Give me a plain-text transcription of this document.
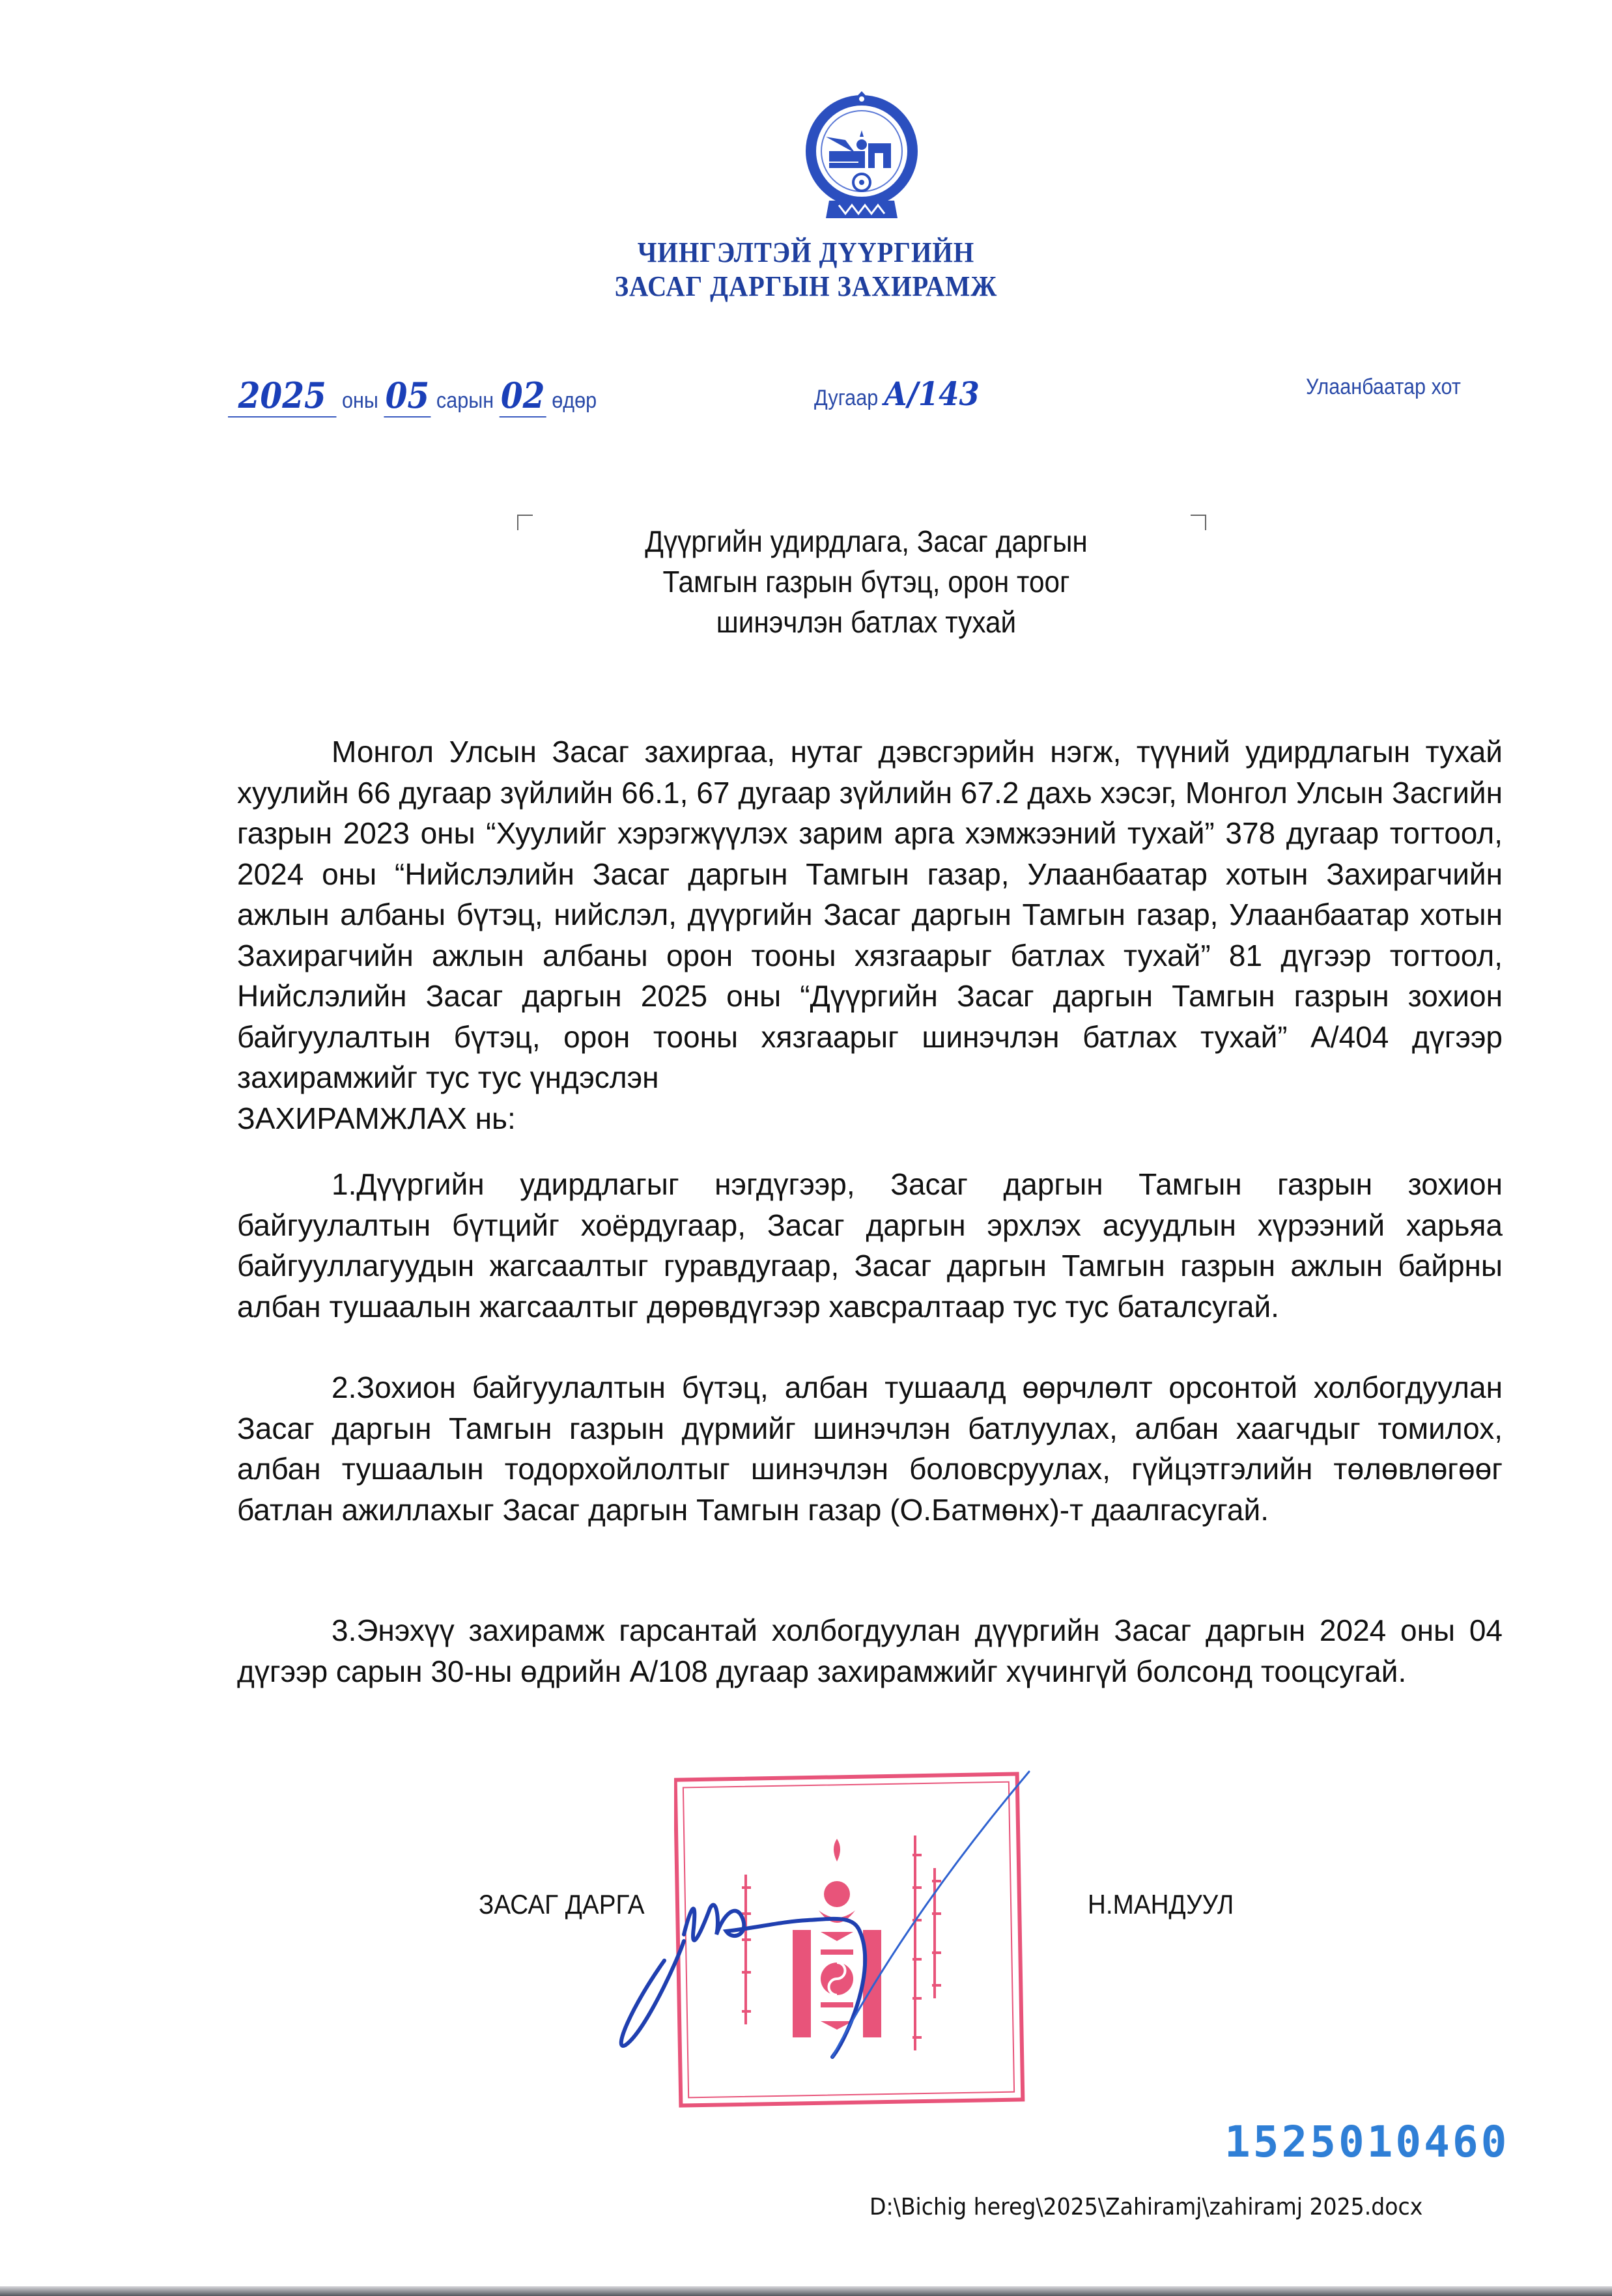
ЧИНГЭЛТЭЙ ДҮҮРГИЙН
ЗАСАГ ДАРГЫН ЗАХИРАМЖ
2025 оны 05 сарын 02 өдөр	Дугаар А/143	Улаанбаатар хот
Дүүргийн удирдлага, Засаг даргын
Тамгын газрын бүтэц, орон тоог
шинэчлэн батлах тухай

Монгол Улсын Засаг захиргаа, нутаг дэвсгэрийн нэгж, түүний удирдлагын тухай хуулийн 66 дугаар зүйлийн 66.1, 67 дугаар зүйлийн 67.2 дахь хэсэг, Монгол Улсын Засгийн газрын 2023 оны “Хуулийг хэрэгжүүлэх зарим арга хэмжээний тухай” 378 дугаар тогтоол, 2024 оны “Нийслэлийн Засаг даргын Тамгын газар, Улаанбаатар хотын Захирагчийн ажлын албаны бүтэц, нийслэл, дүүргийн Засаг даргын Тамгын газар, Улаанбаатар хотын Захирагчийн ажлын албаны орон тооны хязгаарыг батлах тухай” 81 дүгээр тогтоол, Нийслэлийн Засаг даргын 2025 оны “Дүүргийн Засаг даргын Тамгын газрын зохион байгуулалтын бүтэц, орон тооны хязгаарыг шинэчлэн батлах тухай” А/404 дүгээр захирамжийг тус тус үндэслэн

ЗАХИРАМЖЛАХ нь:

1.Дүүргийн удирдлагыг нэгдүгээр, Засаг даргын Тамгын газрын зохион байгуулалтын бүтцийг хоёрдугаар, Засаг даргын эрхлэх асуудлын хүрээний харьяа байгууллагуудын жагсаалтыг гуравдугаар, Засаг даргын Тамгын газрын ажлын байрны албан тушаалын жагсаалтыг дөрөвдүгээр хавсралтаар тус тус баталсугай.

2.Зохион байгуулалтын бүтэц, албан тушаалд өөрчлөлт орсонтой холбогдуулан Засаг даргын Тамгын газрын дүрмийг шинэчлэн батлуулах, албан хаагчдыг томилох, албан тушаалын тодорхойлолтыг шинэчлэн боловсруулах, гүйцэтгэлийн төлөвлөгөөг батлан ажиллахыг Засаг даргын Тамгын газар (О.Батмөнх)-т даалгасугай.

3.Энэхүү захирамж гарсантай холбогдуулан дүүргийн Засаг даргын 2024 оны 04 дүгээр сарын 30-ны өдрийн А/108 дугаар захирамжийг хүчингүй болсонд тооцсугай.

ЗАСАГ ДАРГА	Н.МАНДУУЛ
1525010460
D:\Bichig hereg\2025\Zahiramj\zahiramj 2025.docx
